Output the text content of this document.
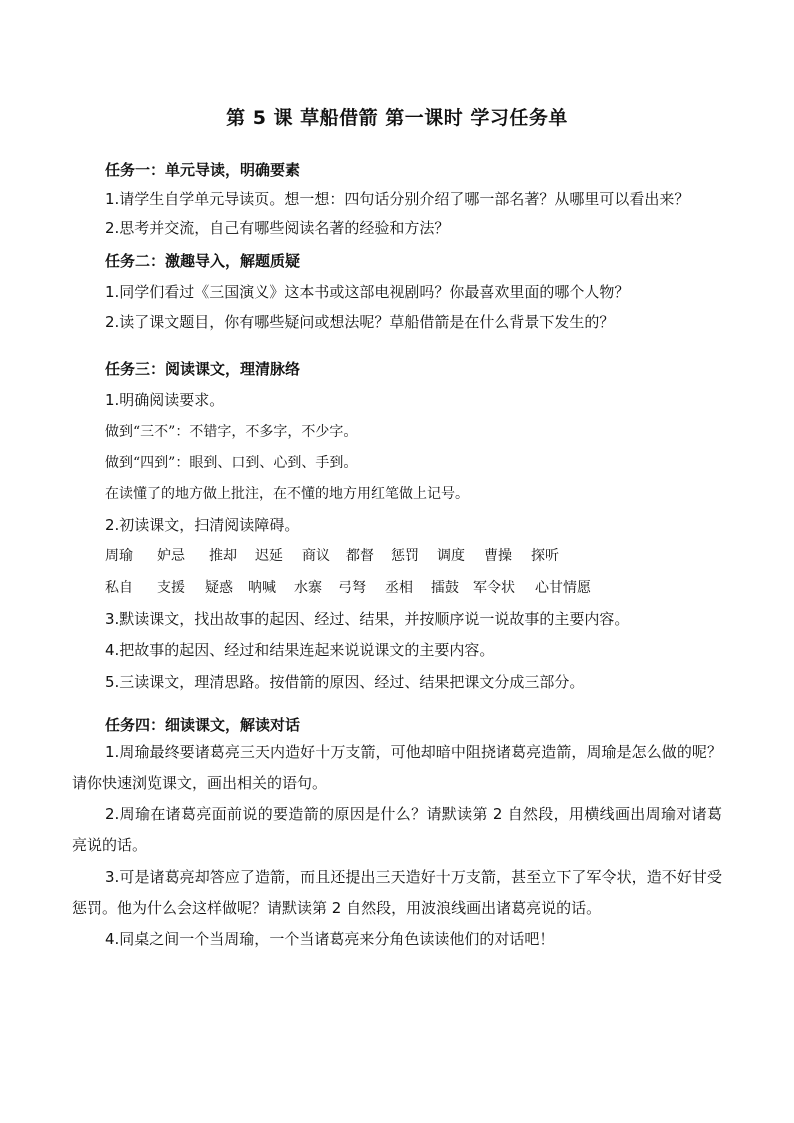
第 5 课 草船借箭 第一课时 学习任务单
任务一：单元导读，明确要素
1.请学生自学单元导读页。想一想：四句话分别介绍了哪一部名著？从哪里可以看出来？
2.思考并交流，自己有哪些阅读名著的经验和方法？
任务二：激趣导入，解题质疑
1.同学们看过《三国演义》这本书或这部电视剧吗？你最喜欢里面的哪个人物？
2.读了课文题目，你有哪些疑问或想法呢？草船借箭是在什么背景下发生的？
任务三：阅读课文，理清脉络
1.明确阅读要求。
做到“三不”：不错字，不多字，不少字。
做到“四到”：眼到、口到、心到、手到。
在读懂了的地方做上批注，在不懂的地方用红笔做上记号。
2.初读课文，扫清阅读障碍。
周瑜	妒忌	推却	迟延	商议	都督	惩罚	调度	曹操	探听
私自	支援	疑惑	呐喊	水寨	弓弩	丞相	擂鼓	军令状	心甘情愿
3.默读课文，找出故事的起因、经过、结果，并按顺序说一说故事的主要内容。
4.把故事的起因、经过和结果连起来说说课文的主要内容。
5.三读课文，理清思路。按借箭的原因、经过、结果把课文分成三部分。
任务四：细读课文，解读对话
1.周瑜最终要诸葛亮三天内造好十万支箭，可他却暗中阻挠诸葛亮造箭，周瑜是怎么做的呢？请你快速浏览课文，画出相关的语句。
2.周瑜在诸葛亮面前说的要造箭的原因是什么？请默读第 2 自然段，用横线画出周瑜对诸葛亮说的话。
3.可是诸葛亮却答应了造箭，而且还提出三天造好十万支箭，甚至立下了军令状，造不好甘受惩罚。他为什么会这样做呢？请默读第 2 自然段，用波浪线画出诸葛亮说的话。
4.同桌之间一个当周瑜，一个当诸葛亮来分角色读读他们的对话吧！
